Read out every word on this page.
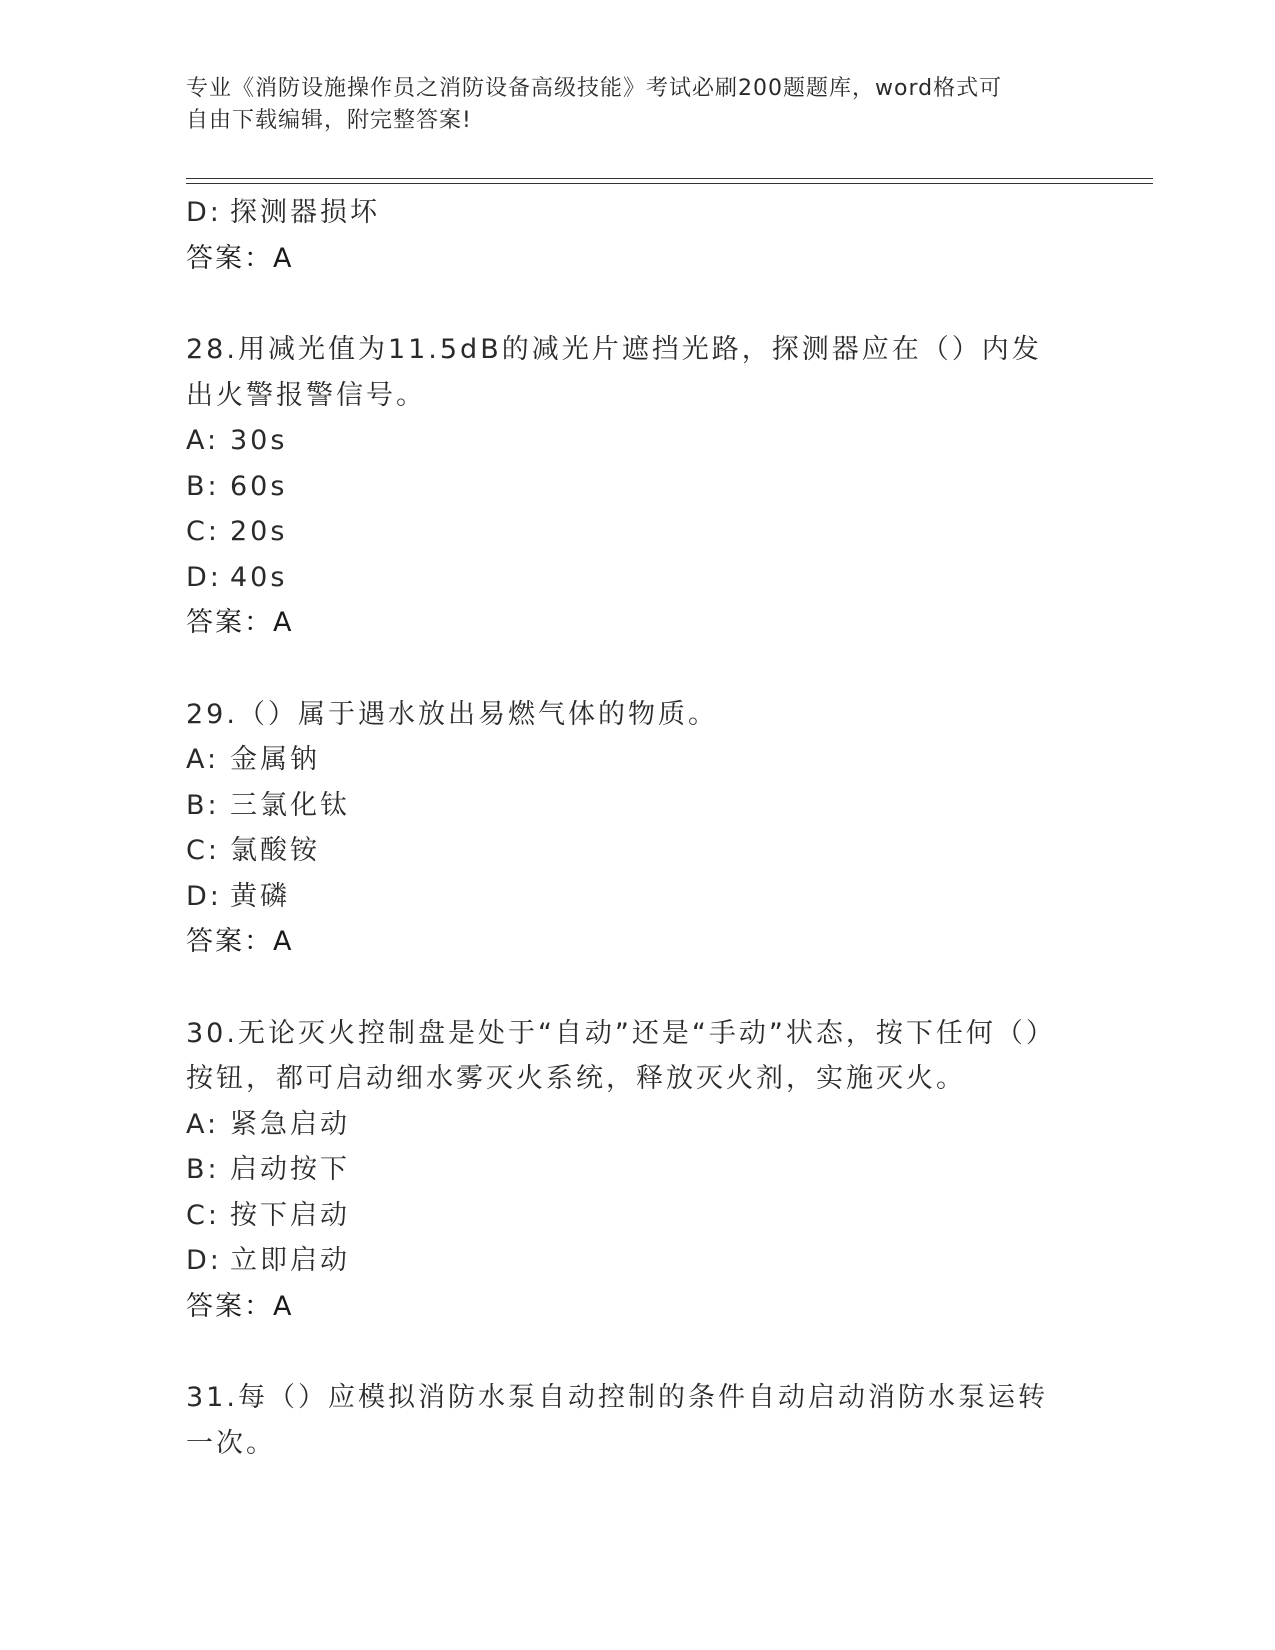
专业《消防设施操作员之消防设备高级技能》考试必刷200题题库，word格式可
自由下载编辑，附完整答案!
D: 探测器损坏
答案：A
28.用减光值为11.5dB的减光片遮挡光路，探测器应在（）内发出火警报警信号。
A: 30s
B: 60s
C: 20s
D: 40s
答案：A
29.（）属于遇水放出易燃气体的物质。
A: 金属钠
B: 三氯化钛
C: 氯酸铵
D: 黄磷
答案：A
30.无论灭火控制盘是处于“自动”还是“手动”状态，按下任何（）按钮，都可启动细水雾灭火系统，释放灭火剂，实施灭火。
A: 紧急启动
B: 启动按下
C: 按下启动
D: 立即启动
答案：A
31.每（）应模拟消防水泵自动控制的条件自动启动消防水泵运转一次。
